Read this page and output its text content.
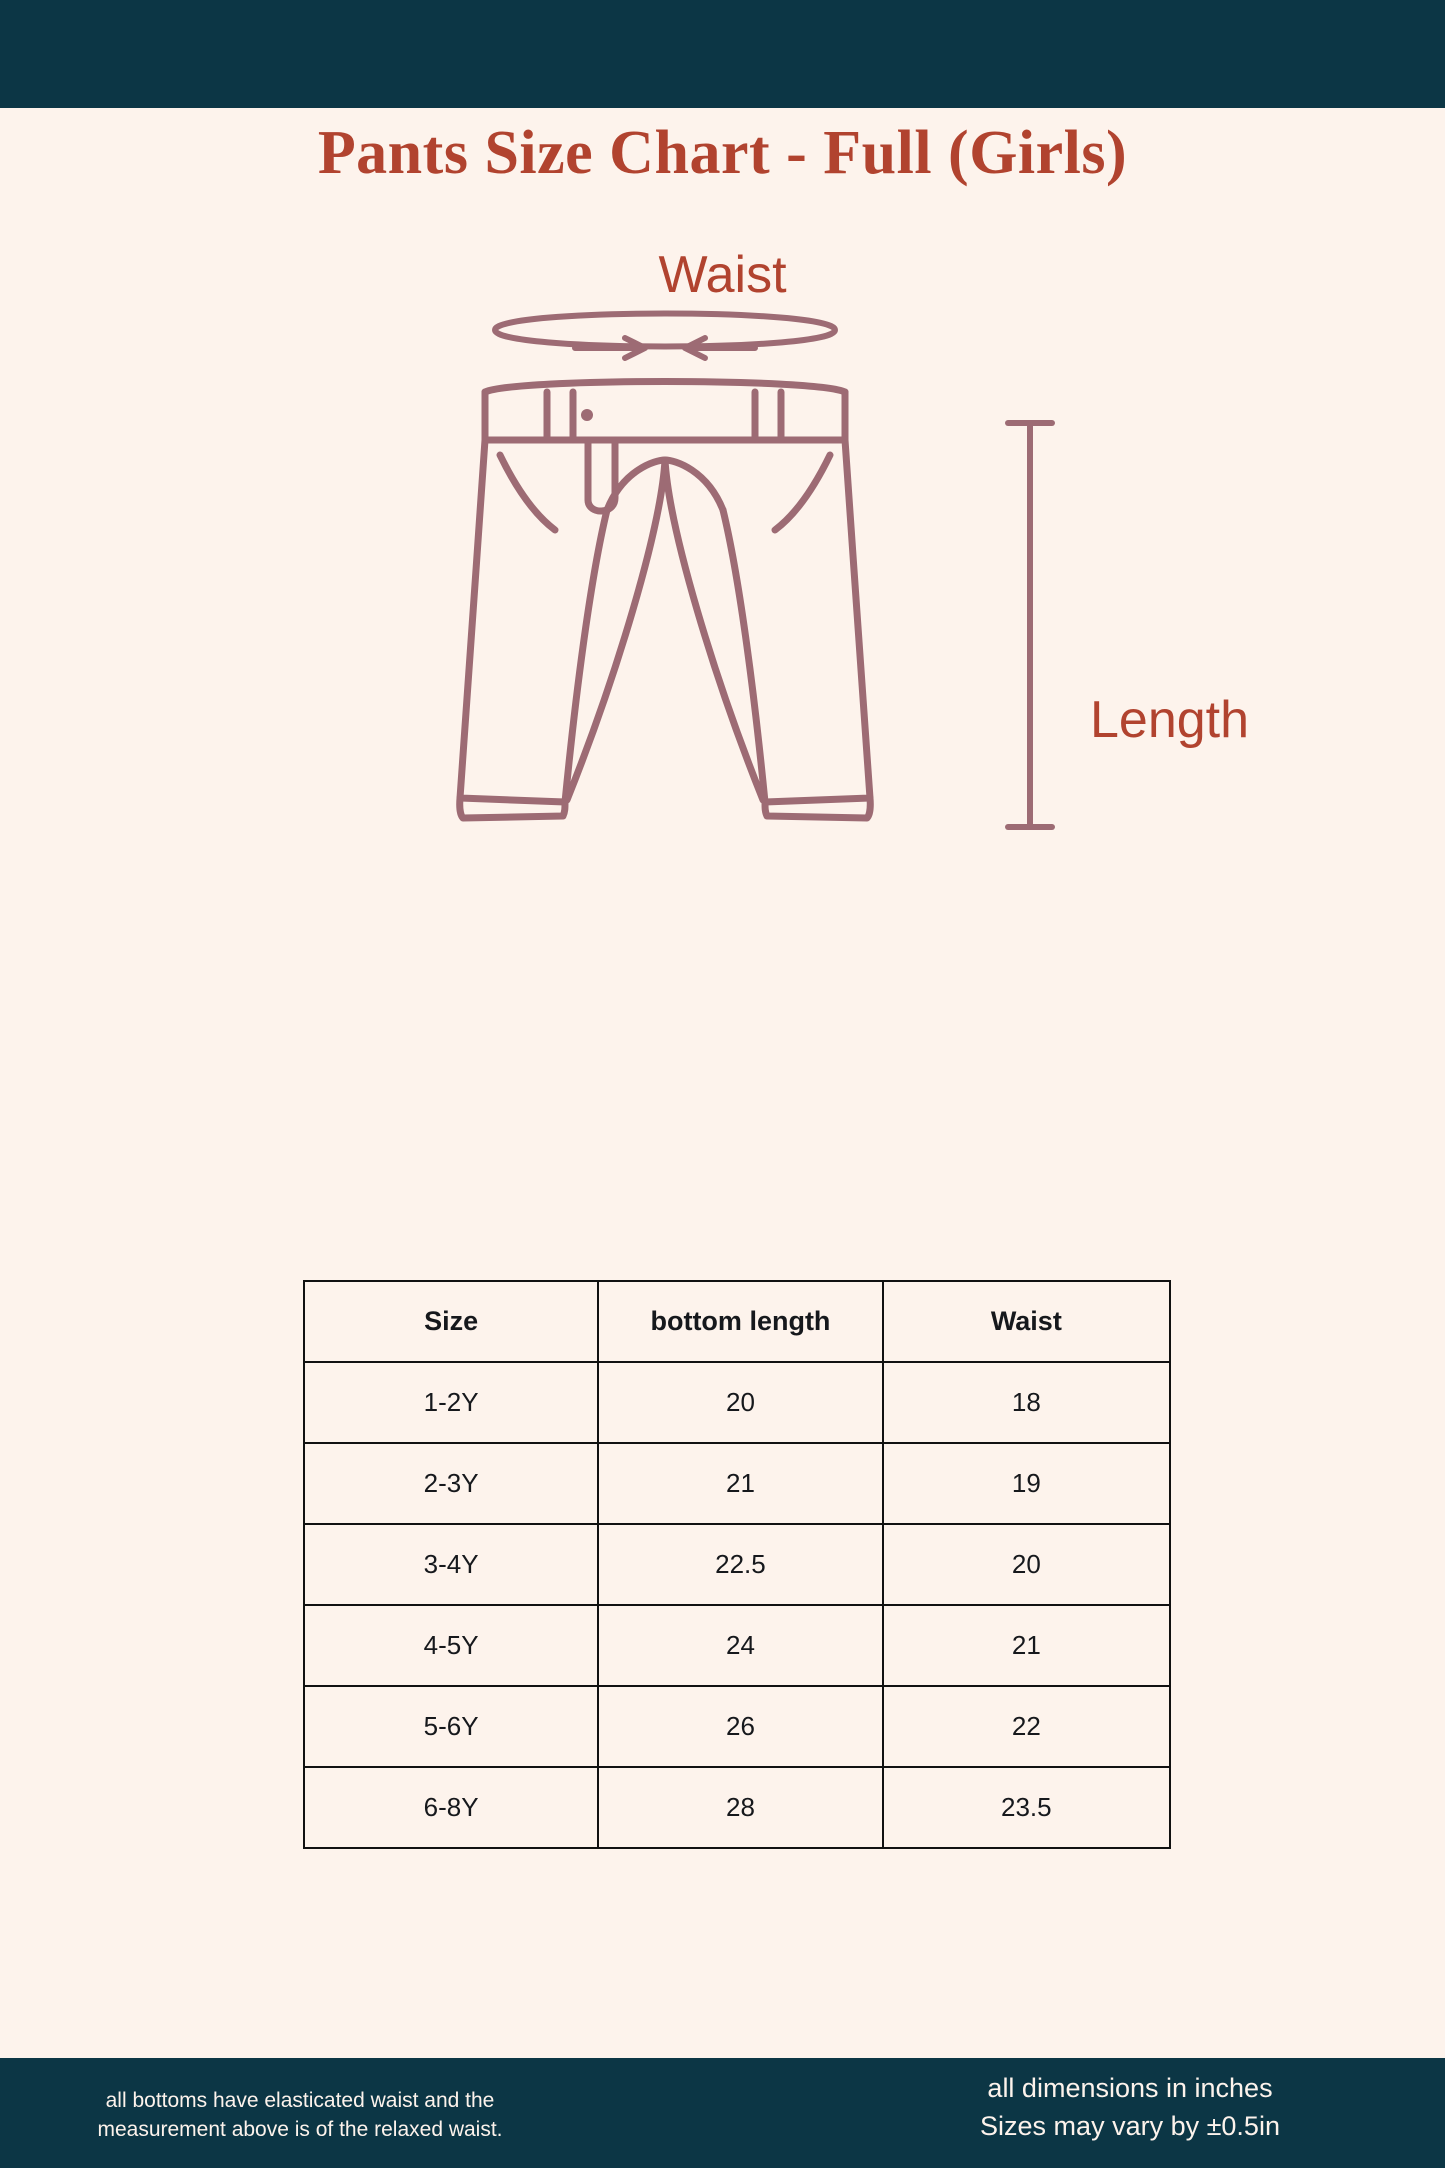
Pants Size Chart - Full (Girls)
Waist
Length
Size	bottom length	Waist
1-2Y	20	18
2-3Y	21	19
3-4Y	22.5	20
4-5Y	24	21
5-6Y	26	22
6-8Y	28	23.5
all bottoms have elasticated waist and the
measurement above is of the relaxed waist.
all dimensions in inches
Sizes may vary by ±0.5in
